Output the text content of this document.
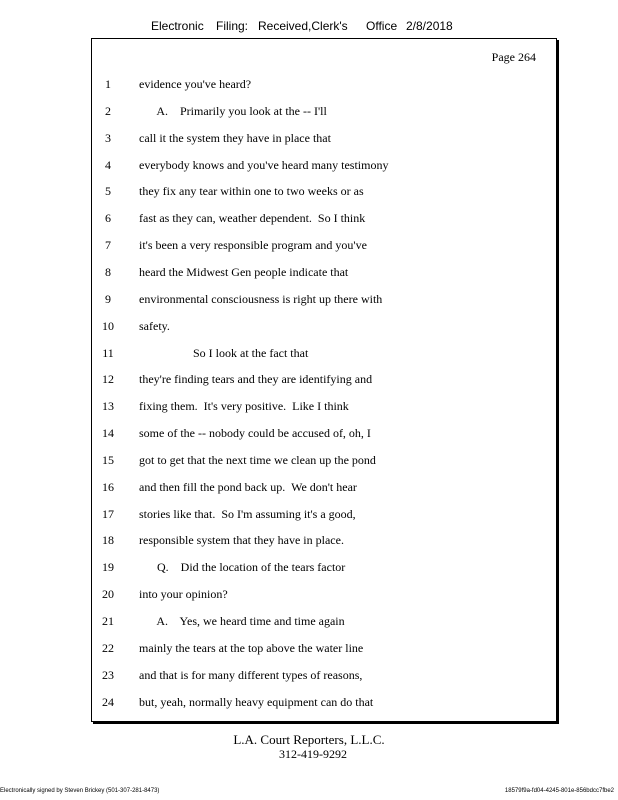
Electronic Filing: Received,Clerk's Office 2/8/2018
Page 264
1	evidence you've heard?
2	A.    Primarily you look at the -- I'll
3	call it the system they have in place that
4	everybody knows and you've heard many testimony
5	they fix any tear within one to two weeks or as
6	fast as they can, weather dependent.  So I think
7	it's been a very responsible program and you've
8	heard the Midwest Gen people indicate that
9	environmental consciousness is right up there with
10	safety.
11	So I look at the fact that
12	they're finding tears and they are identifying and
13	fixing them.  It's very positive.  Like I think
14	some of the -- nobody could be accused of, oh, I
15	got to get that the next time we clean up the pond
16	and then fill the pond back up.  We don't hear
17	stories like that.  So I'm assuming it's a good,
18	responsible system that they have in place.
19	Q.    Did the location of the tears factor
20	into your opinion?
21	A.    Yes, we heard time and time again
22	mainly the tears at the top above the water line
23	and that is for many different types of reasons,
24	but, yeah, normally heavy equipment can do that
L.A. Court Reporters, L.L.C.
312-419-9292
Electronically signed by Steven Brickey (501-307-281-8473)	18579f9a-fd04-4245-801e-856bdcc7fbe2
